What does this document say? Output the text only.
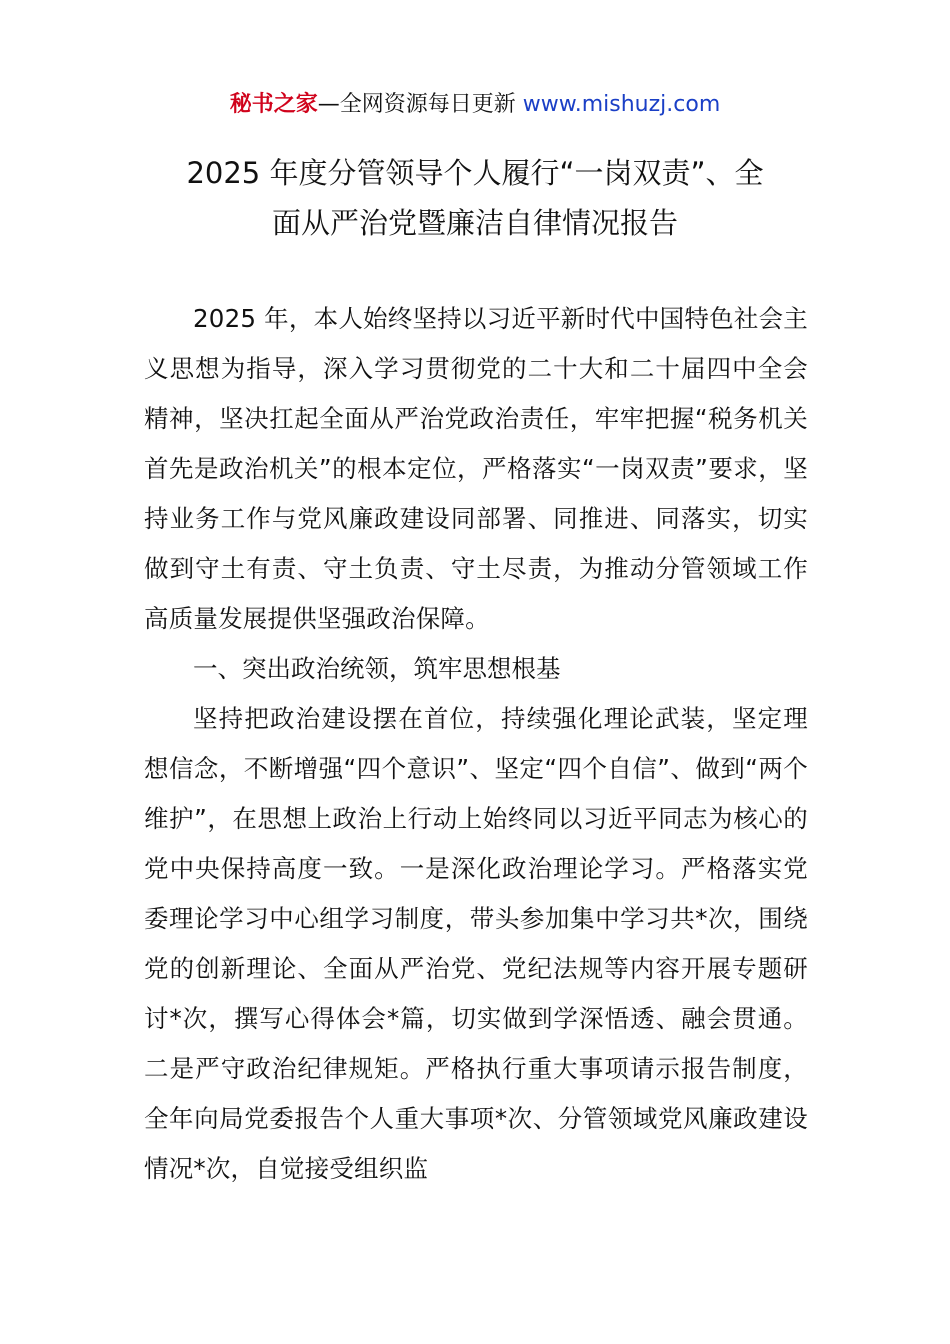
秘书之家—全网资源每日更新 www.mishuzj.com
2025 年度分管领导个人履行“一岗双责”、全
面从严治党暨廉洁自律情况报告

2025 年，本人始终坚持以习近平新时代中国特色社会主义思想为指导，深入学习贯彻党的二十大和二十届四中全会精神，坚决扛起全面从严治党政治责任，牢牢把握“税务机关首先是政治机关”的根本定位，严格落实“一岗双责”要求，坚持业务工作与党风廉政建设同部署、同推进、同落实，切实做到守土有责、守土负责、守土尽责，为推动分管领域工作高质量发展提供坚强政治保障。

一、突出政治统领，筑牢思想根基

坚持把政治建设摆在首位，持续强化理论武装，坚定理想信念，不断增强“四个意识”、坚定“四个自信”、做到“两个维护”，在思想上政治上行动上始终同以习近平同志为核心的党中央保持高度一致。一是深化政治理论学习。严格落实党委理论学习中心组学习制度，带头参加集中学习共*次，围绕党的创新理论、全面从严治党、党纪法规等内容开展专题研讨*次，撰写心得体会*篇，切实做到学深悟透、融会贯通。二是严守政治纪律规矩。严格执行重大事项请示报告制度，全年向局党委报告个人重大事项*次、分管领域党风廉政建设情况*次，自觉接受组织监
